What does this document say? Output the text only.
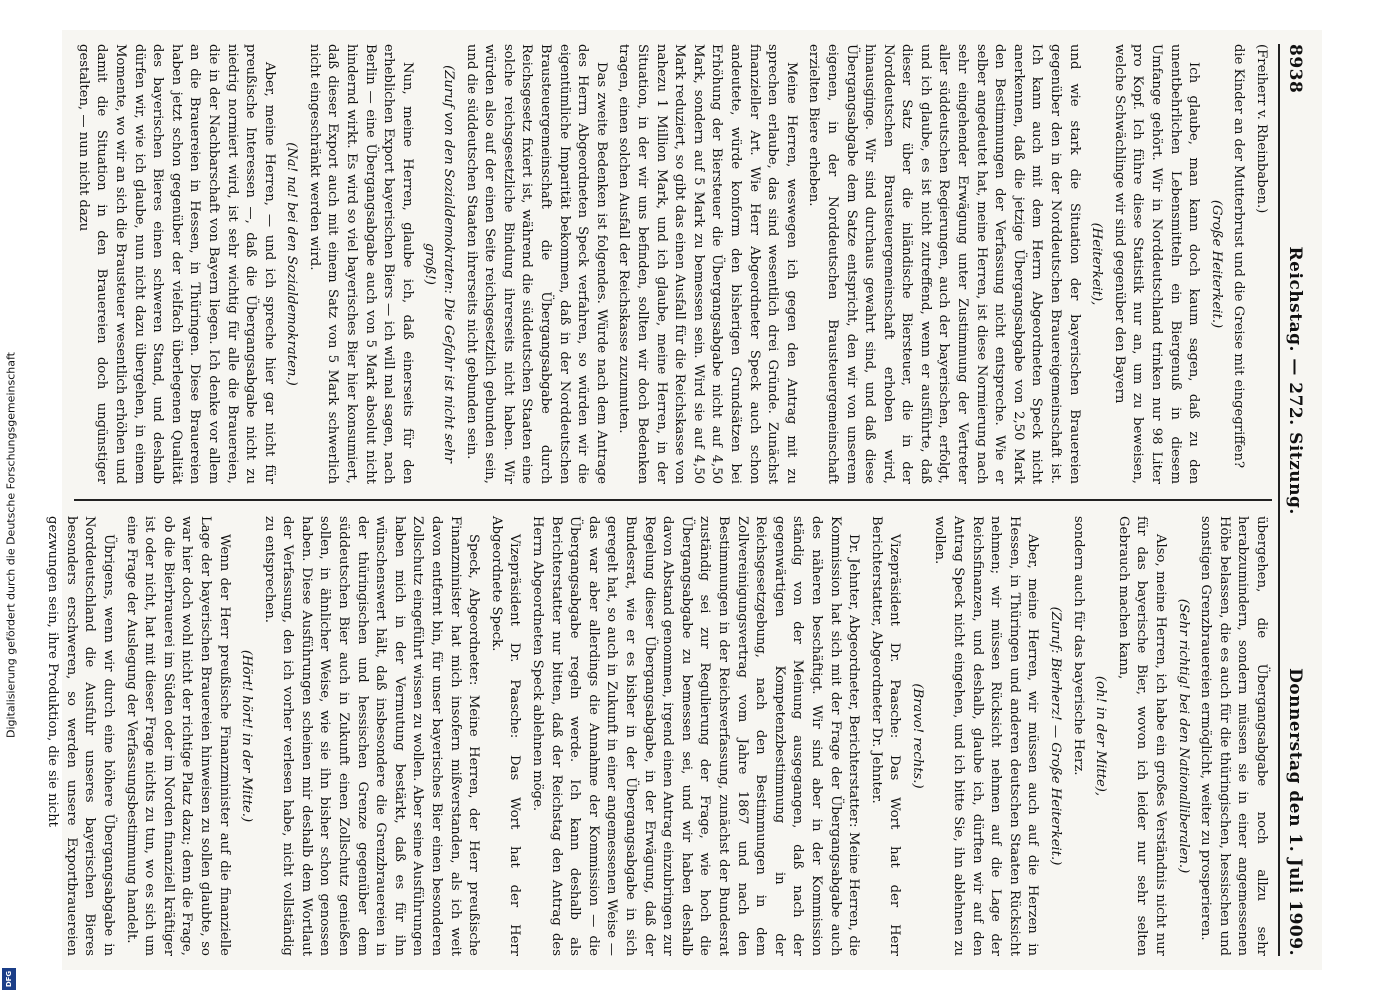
8938
Reichstag. — 272. Sitzung.
Donnerstag den 1. Juli 1909.

(Freiherr v. Rheinbaben.)

die Kinder an der Mutterbrust und die Greise mit eingegriffen?

(Große Heiterkeit.)

Ich glaube, man kann doch kaum sagen, daß zu den unentbehrlichen Lebensmitteln ein Biergenuß in diesem Umfange gehört. Wir in Norddeutschland trinken nur 98 Liter pro Kopf. Ich führe diese Statistik nur an, um zu beweisen, welche Schwächlinge wir sind gegenüber den Bayern

(Heiterkeit),

und wie stark die Situation der bayerischen Brauereien gegenüber den in der Norddeutschen Brauereigemeinschaft ist. Ich kann auch mit dem Herrn Abgeordneten Speck nicht anerkennen, daß die jetzige Übergangsabgabe von 2,50 Mark den Bestimmungen der Verfassung nicht entspreche. Wie er selber angedeutet hat, meine Herren, ist diese Normierung nach sehr eingehender Erwägung unter Zustimmung der Vertreter aller süddeutschen Regierungen, auch der bayerischen, erfolgt, und ich glaube, es ist nicht zutreffend, wenn er ausführte, daß dieser Satz über die inländische Biersteuer, die in der Norddeutschen Brausteuergemeinschaft erhoben wird, hinausginge. Wir sind durchaus gewahrt sind, und daß diese Übergangsabgabe dem Satze entspricht, den wir von unserem eigenen, in der Norddeutschen Brausteuergemeinschaft erzielten Biere erheben.

Meine Herren, weswegen ich gegen den Antrag mit zu sprechen erlaube, das sind wesentlich drei Gründe. Zunächst finanzieller Art. Wie Herr Abgeordneter Speck auch schon andeutete, würde konform den bisherigen Grundsätzen bei Erhöhung der Biersteuer die Übergangsabgabe nicht auf 4,50 Mark, sondern auf 5 Mark zu bemessen sein. Wird sie auf 4,50 Mark reduziert, so gibt das einen Ausfall für die Reichskasse von nahezu 1 Million Mark, und ich glaube, meine Herren, in der Situation, in der wir uns befinden, sollten wir doch Bedenken tragen, einen solchen Ausfall der Reichskasse zuzumuten.

Das zweite Bedenken ist folgendes. Würde nach dem Antrage des Herrn Abgeordneten Speck verfahren, so würden wir die eigentümliche Imparität bekommen, daß in der Norddeutschen Brausteuergemeinschaft die Übergangsabgabe durch Reichsgesetz fixiert ist, während die süddeutschen Staaten eine solche reichsgesetzliche Bindung ihrerseits nicht haben. Wir würden also auf der einen Seite reichsgesetzlich gebunden sein, und die süddeutschen Staaten ihrerseits nicht gebunden sein.

(Zuruf von den Sozialdemokraten: Die Gefahr ist nicht sehr groß!)

Nun, meine Herren, glaube ich, daß einerseits für den erheblichen Export bayerischen Biers — ich will mal sagen, nach Berlin — eine Übergangsabgabe auch von 5 Mark absolut nicht hindernd wirkt. Es wird so viel bayerisches Bier hier konsumiert, daß dieser Export auch mit einem Satz von 5 Mark schwerlich nicht eingeschränkt werden wird.

(Na! na! bei den Sozialdemokraten.)

Aber, meine Herren, — und ich spreche hier gar nicht für preußische Interessen —, daß die Übergangsabgabe nicht zu niedrig normiert wird, ist sehr wichtig für alle die Brauereien, die in der Nachbarschaft von Bayern liegen. Ich denke vor allem an die Brauereien in Hessen, in Thüringen. Diese Brauereien haben jetzt schon gegenüber der vielfach überlegenen Qualität des bayerischen Bieres einen schweren Stand, und deshalb dürfen wir, wie ich glaube, nun nicht dazu übergehen, in einem Momente, wo wir an sich die Brausteuer wesentlich erhöhen und damit die Situation in den Brauereien doch ungünstiger gestalten, — nun nicht dazu

übergehen, die Übergangsabgabe noch allzu sehr herabzumindern, sondern müssen sie in einer angemessenen Höhe belassen, die es auch für die thüringischen, hessischen und sonstigen Grenzbrauereien ermöglicht, weiter zu prosperieren.

(Sehr richtig! bei den Nationalliberalen.)

Also, meine Herren, ich habe ein großes Verständnis nicht nur für das bayerische Bier, wovon ich leider nur sehr selten Gebrauch machen kann,

(oh! in der Mitte),

sondern auch für das bayerische Herz.

(Zuruf: Bierherz! — Große Heiterkeit.)

Aber, meine Herren, wir müssen auch auf die Herzen in Hessen, in Thüringen und anderen deutschen Staaten Rücksicht nehmen; wir müssen Rücksicht nehmen auf die Lage der Reichsfinanzen, und deshalb, glaube ich, dürften wir auf den Antrag Speck nicht eingehen, und ich bitte Sie, ihn ablehnen zu wollen.

(Bravo! rechts.)

Vizepräsident Dr. Paasche: Das Wort hat der Herr Berichterstatter, Abgeordneter Dr. Jehnter.

Dr. Jehnter, Abgeordneter, Berichterstatter: Meine Herren, die Kommission hat sich mit der Frage der Übergangsabgabe auch des näheren beschäftigt. Wir sind aber in der Kommission ständig von der Meinung ausgegangen, daß nach der gegenwärtigen Kompetenzbestimmung in der Reichsgesetzgebung, nach den Bestimmungen in dem Zollvereinigungsvertrag vom Jahre 1867 und nach den Bestimmungen in der Reichsverfassung, zunächst der Bundesrat zuständig sei zur Regulierung der Frage, wie hoch die Übergangsabgabe zu bemessen sei, und wir haben deshalb davon Abstand genommen, irgend einen Antrag einzubringen zur Regelung dieser Übergangsabgabe, in der Erwägung, daß der Bundesrat, wie er es bisher in der Übergangsabgabe in sich geregelt hat, so auch in Zukunft in einer angemessenen Weise — das war aber allerdings die Annahme der Kommission — die Übergangsabgabe regeln werde. Ich kann deshalb als Berichterstatter nur bitten, daß der Reichstag den Antrag des Herrn Abgeordneten Speck ablehnen möge.

Vizepräsident Dr. Paasche: Das Wort hat der Herr Abgeordnete Speck.

Speck, Abgeordneter: Meine Herren, der Herr preußische Finanzminister hat mich insofern mißverstanden, als ich weit davon entfernt bin, für unser bayerisches Bier einen besonderen Zollschutz eingeführt wissen zu wollen. Aber seine Ausführungen haben mich in der Vermutung bestärkt, daß es für ihn wünschenswert hält, daß insbesondere die Grenzbrauereien in der thüringischen und hessischen Grenze gegenüber dem süddeutschen Bier auch in Zukunft einen Zollschutz genießen sollen, in ähnlicher Weise, wie sie ihn bisher schon genossen haben. Diese Ausführungen scheinen mir deshalb dem Wortlaut der Verfassung, den ich vorher verlesen habe, nicht vollständig zu entsprechen.

(Hört! hört! in der Mitte.)

Wenn der Herr preußische Finanzminister auf die finanzielle Lage der bayerischen Brauereien hinweisen zu sollen glaubte, so war hier doch wohl nicht der richtige Platz dazu; denn die Frage, ob die Bierbrauerei im Süden oder im Norden finanziell kräftiger ist oder nicht, hat mit dieser Frage nichts zu tun, wo es sich um eine Frage der Auslegung der Verfassungsbestimmung handelt.

Übrigens, wenn wir durch eine höhere Übergangsabgabe in Norddeutschland die Ausfuhr unseres bayerischen Bieres besonders erschweren, so werden unsere Exportbrauereien gezwungen sein, ihre Produktion, die sie nicht

Digitalisierung gefördert durch die Deutsche Forschungsgemeinschaft
DFG
